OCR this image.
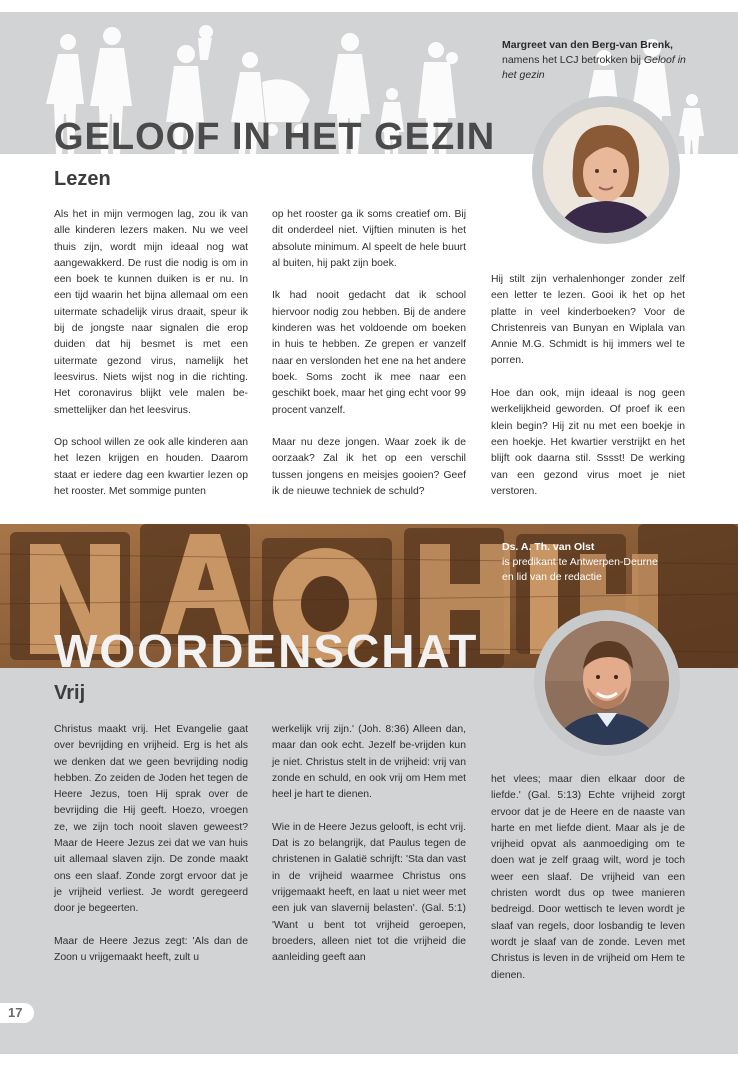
GELOOF IN HET GEZIN
Lezen
Margreet van den Berg-van Brenk,
namens het LCJ betrokken bij Geloof in het gezin

Als het in mijn vermogen lag, zou ik van alle kinderen lezers maken. Nu we veel thuis zijn, wordt mijn ideaal nog wat aangewakkerd. De rust die nodig is om in een boek te kunnen duiken is er nu. In een tijd waarin het bijna allemaal om een uitermate schadelijk virus draait, speur ik bij de jongste naar signalen die erop duiden dat hij besmet is met een uitermate gezond virus, namelijk het leesvirus. Niets wijst nog in die richting. Het coronavirus blijkt vele malen be-smettelijker dan het leesvirus.

Op school willen ze ook alle kinderen aan het lezen krijgen en houden. Daarom staat er iedere dag een kwartier lezen op het rooster. Met sommige punten

op het rooster ga ik soms creatief om. Bij dit onderdeel niet. Vijftien minuten is het absolute minimum. Al speelt de hele buurt al buiten, hij pakt zijn boek.

Ik had nooit gedacht dat ik school hiervoor nodig zou hebben. Bij de andere kinderen was het voldoende om boeken in huis te hebben. Ze grepen er vanzelf naar en verslonden het ene na het andere boek. Soms zocht ik mee naar een geschikt boek, maar het ging echt voor 99 procent vanzelf.

Maar nu deze jongen. Waar zoek ik de oorzaak? Zal ik het op een verschil tussen jongens en meisjes gooien? Geef ik de nieuwe techniek de schuld?

Hij stilt zijn verhalenhonger zonder zelf een letter te lezen. Gooi ik het op het platte in veel kinderboeken? Voor de Christenreis van Bunyan en Wiplala van Annie M.G. Schmidt is hij immers wel te porren.

Hoe dan ook, mijn ideaal is nog geen werkelijkheid geworden. Of proef ik een klein begin? Hij zit nu met een boekje in een hoekje. Het kwartier verstrijkt en het blijft ook daarna stil. Sssst! De werking van een gezond virus moet je niet verstoren.

WOORDENSCHAT
Vrij
Ds. A. Th. van Olst
is predikant te Antwerpen-Deurne
en lid van de redactie

Christus maakt vrij. Het Evangelie gaat over bevrijding en vrijheid. Erg is het als we denken dat we geen bevrijding nodig hebben. Zo zeiden de Joden het tegen de Heere Jezus, toen Hij sprak over de bevrijding die Hij geeft. Hoezo, vroegen ze, we zijn toch nooit slaven geweest? Maar de Heere Jezus zei dat we van huis uit allemaal slaven zijn. De zonde maakt ons een slaaf. Zonde zorgt ervoor dat je je vrijheid verliest. Je wordt geregeerd door je begeerten.

Maar de Heere Jezus zegt: 'Als dan de Zoon u vrijgemaakt heeft, zult u

werkelijk vrij zijn.' (Joh. 8:36) Alleen dan, maar dan ook echt. Jezelf be-vrijden kun je niet. Christus stelt in de vrijheid: vrij van zonde en schuld, en ook vrij om Hem met heel je hart te dienen.

Wie in de Heere Jezus gelooft, is echt vrij. Dat is zo belangrijk, dat Paulus tegen de christenen in Galatië schrijft: 'Sta dan vast in de vrijheid waarmee Christus ons vrijgemaakt heeft, en laat u niet weer met een juk van slavernij belasten'. (Gal. 5:1) 'Want u bent tot vrijheid geroepen, broeders, alleen niet tot die vrijheid die aanleiding geeft aan

het vlees; maar dien elkaar door de liefde.' (Gal. 5:13) Echte vrijheid zorgt ervoor dat je de Heere en de naaste van harte en met liefde dient. Maar als je de vrijheid opvat als aanmoediging om te doen wat je zelf graag wilt, word je toch weer een slaaf. De vrijheid van een christen wordt dus op twee manieren bedreigd. Door wettisch te leven wordt je slaaf van regels, door losbandig te leven wordt je slaaf van de zonde. Leven met Christus is leven in de vrijheid om Hem te dienen.

17
